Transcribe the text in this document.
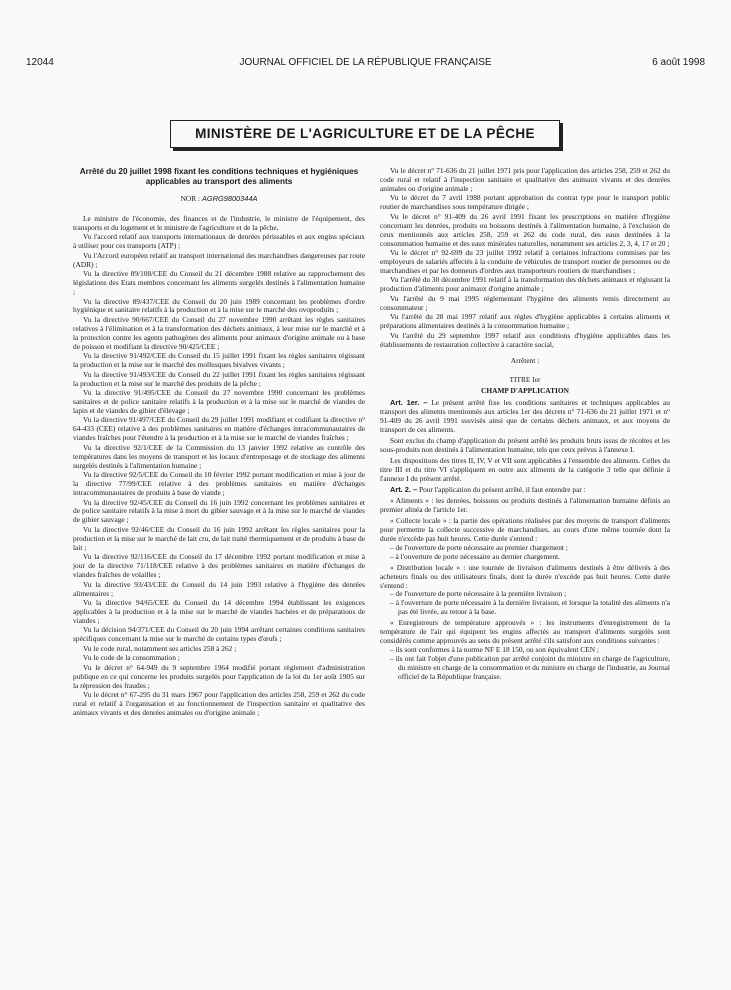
12044	JOURNAL OFFICIEL DE LA RÉPUBLIQUE FRANÇAISE	6 août 1998
MINISTÈRE DE L'AGRICULTURE ET DE LA PÊCHE
Arrêté du 20 juillet 1998 fixant les conditions techniques et hygiéniques applicables au transport des aliments
NOR : AGRG9800344A

Le ministre de l'économie, des finances et de l'industrie, le ministre de l'équipement, des transports et du logement et le ministre de l'agriculture et de la pêche,

Vu l'accord relatif aux transports internationaux de denrées périssables et aux engins spéciaux à utiliser pour ces transports (ATP) ;

Vu l'Accord européen relatif au transport international des marchandises dangereuses par route (ADR) ;

Vu la directive 89/108/CEE du Conseil du 21 décembre 1988 relative au rapprochement des législations des Etats membres concernant les aliments surgelés destinés à l'alimentation humaine ;

Vu la directive 89/437/CEE du Conseil du 20 juin 1989 concernant les problèmes d'ordre hygiénique et sanitaire relatifs à la production et à la mise sur le marché des ovoproduits ;

Vu la directive 90/667/CEE du Conseil du 27 novembre 1990 arrêtant les règles sanitaires relatives à l'élimination et à la transformation des déchets animaux, à leur mise sur le marché et à la protection contre les agents pathogènes des aliments pour animaux d'origine animale ou à base de poisson et modifiant la directive 90/425/CEE ;

Vu la directive 91/492/CEE du Conseil du 15 juillet 1991 fixant les règles sanitaires régissant la production et la mise sur le marché des mollusques bivalves vivants ;

Vu la directive 91/493/CEE du Conseil du 22 juillet 1991 fixant les règles sanitaires régissant la production et la mise sur le marché des produits de la pêche ;

Vu la directive 91/495/CEE du Conseil du 27 novembre 1990 concernant les problèmes sanitaires et de police sanitaire relatifs à la production et à la mise sur le marché de viandes de lapin et de viandes de gibier d'élevage ;

Vu la directive 91/497/CEE du Conseil du 29 juillet 1991 modifiant et codifiant la directive n° 64-433 (CEE) relative à des problèmes sanitaires en matière d'échanges intracommunautaires de viandes fraîches pour l'étendre à la production et à la mise sur le marché de viandes fraîches ;

Vu la directive 92/1/CEE de la Commission du 13 janvier 1992 relative au contrôle des températures dans les moyens de transport et les locaux d'entreposage et de stockage des aliments surgelés destinés à l'alimentation humaine ;

Vu la directive 92/5/CEE du Conseil du 10 février 1992 portant modification et mise à jour de la directive 77/99/CEE relative à des problèmes sanitaires en matière d'échanges intracommunautaires de produits à base de viande ;

Vu la directive 92/45/CEE du Conseil du 16 juin 1992 concernant les problèmes sanitaires et de police sanitaire relatifs à la mise à mort du gibier sauvage et à la mise sur le marché de viandes de gibier sauvage ;

Vu la directive 92/46/CEE du Conseil du 16 juin 1992 arrêtant les règles sanitaires pour la production et la mise sur le marché de lait cru, de lait traité thermiquement et de produits à base de lait ;

Vu la directive 92/116/CEE du Conseil du 17 décembre 1992 portant modification et mise à jour de la directive 71/118/CEE relative à des problèmes sanitaires en matière d'échanges de viandes fraîches de volailles ;

Vu la directive 93/43/CEE du Conseil du 14 juin 1993 relative à l'hygiène des denrées alimentaires ;

Vu la directive 94/65/CEE du Conseil du 14 décembre 1994 établissant les exigences applicables à la production et à la mise sur le marché de viandes hachées et de préparations de viandes ;

Vu la décision 94/371/CEE du Conseil du 20 juin 1994 arrêtant certaines conditions sanitaires spécifiques concernant la mise sur le marché de certains types d'œufs ;

Vu le code rural, notamment ses articles 258 à 262 ;

Vu le code de la consommation ;

Vu le décret n° 64-949 du 9 septembre 1964 modifié portant règlement d'administration publique en ce qui concerne les produits surgelés pour l'application de la loi du 1er août 1905 sur la répression des fraudes ;

Vu le décret n° 67-295 du 31 mars 1967 pour l'application des articles 258, 259 et 262 du code rural et relatif à l'organisation et au fonctionnement de l'inspection sanitaire et qualitative des animaux vivants et des denrées animales ou d'origine animale ;

Vu le décret n° 71-636 du 21 juillet 1971 pris pour l'application des articles 258, 259 et 262 du code rural et relatif à l'inspection sanitaire et qualitative des animaux vivants et des denrées animales ou d'origine animale ;

Vu le décret du 7 avril 1988 portant approbation du contrat type pour le transport public routier de marchandises sous température dirigée ;

Vu le décret n° 91-409 du 26 avril 1991 fixant les prescriptions en matière d'hygiène concernant les denrées, produits ou boissons destinés à l'alimentation humaine, à l'exclusion de ceux mentionnés aux articles 258, 259 et 262 du code rural, des eaux destinées à la consommation humaine et des eaux minérales naturelles, notamment ses articles 2, 3, 4, 17 et 20 ;

Vu le décret n° 92-699 du 23 juillet 1992 relatif à certaines infractions commises par les employeurs de salariés affectés à la conduite de véhicules de transport routier de personnes ou de marchandises et par les donneurs d'ordres aux transporteurs routiers de marchandises ;

Vu l'arrêté du 30 décembre 1991 relatif à la transformation des déchets animaux et régissant la production d'aliments pour animaux d'origine animale ;

Vu l'arrêté du 9 mai 1995 réglementant l'hygiène des aliments remis directement au consommateur ;

Vu l'arrêté du 28 mai 1997 relatif aux règles d'hygiène applicables à certains aliments et préparations alimentaires destinés à la consommation humaine ;

Vu l'arrêté du 29 septembre 1997 relatif aux conditions d'hygiène applicables dans les établissements de restauration collective à caractère social,

Arrêtent :
TITRE Ier
CHAMP D'APPLICATION

Art. 1er. – Le présent arrêté fixe les conditions sanitaires et techniques applicables au transport des aliments mentionnés aux articles 1er des décrets n° 71-636 du 21 juillet 1971 et n° 91-409 du 26 avril 1991 susvisés ainsi que de certains déchets animaux, et aux moyens de transport de ces aliments.

Sont exclus du champ d'application du présent arrêté les produits bruts issus de récoltes et les sous-produits non destinés à l'alimentation humaine, tels que ceux prévus à l'annexe I.

Les dispositions des titres II, IV, V et VII sont applicables à l'ensemble des aliments. Celles du titre III et du titre VI s'appliquent en outre aux aliments de la catégorie 3 telle que définie à l'annexe I du présent arrêté.

Art. 2. – Pour l'application du présent arrêté, il faut entendre par :

« Aliments » : les denrées, boissons ou produits destinés à l'alimentation humaine définis au premier alinéa de l'article 1er.

« Collecte locale » : la partie des opérations réalisées par des moyens de transport d'aliments pour permettre la collecte successive de marchandises, au cours d'une même tournée dont la durée n'excède pas huit heures. Cette durée s'entend :

– de l'ouverture de porte nécessaire au premier chargement ;

– à l'ouverture de porte nécessaire au dernier chargement.

« Distribution locale » : une tournée de livraison d'aliments destinés à être délivrés à des acheteurs finals ou des utilisateurs finals, dont la durée n'excède pas huit heures. Cette durée s'entend :

– de l'ouverture de porte nécessaire à la première livraison ;

– à l'ouverture de porte nécessaire à la dernière livraison, et lorsque la totalité des aliments n'a pas été livrée, au retour à la base.

« Enregistreurs de température approuvés » : les instruments d'enregistrement de la température de l'air qui équipent les engins affectés au transport d'aliments surgelés sont considérés comme approuvés au sens du présent arrêté s'ils satisfont aux conditions suivantes :

– ils sont conformes à la norme NF E 18 150, ou son équivalent CEN ;

– ils ont fait l'objet d'une publication par arrêté conjoint du ministre en charge de l'agriculture, du ministre en charge de la consommation et du ministre en charge de l'industrie, au Journal officiel de la République française.
